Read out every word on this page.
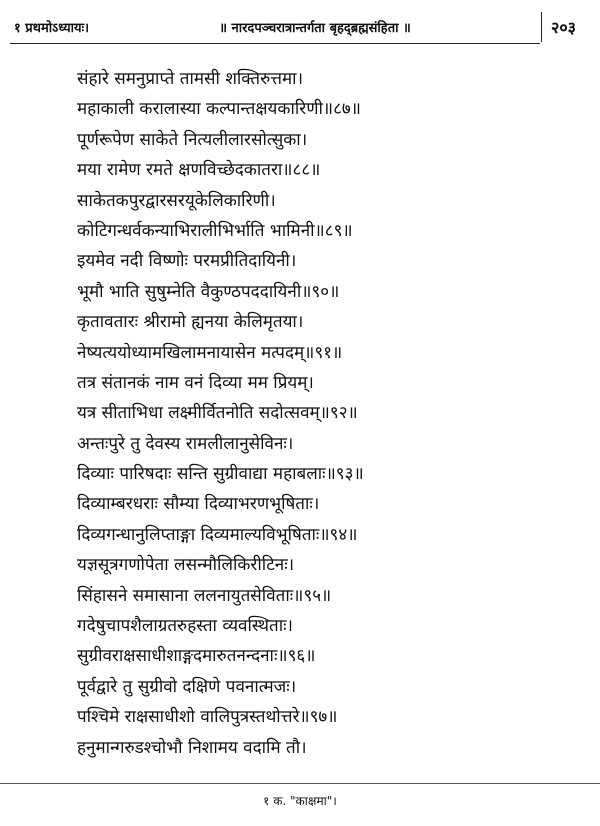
१ प्रथमोऽध्यायः।	॥ नारदपञ्चरात्रान्तर्गता बृहद्ब्रह्मसंहिता ॥	२०३
संहारे समनुप्राप्ते तामसी शक्तिरुत्तमा।
महाकाली करालास्या कल्पान्तक्षयकारिणी॥८७॥
पूर्णरूपेण साकेते नित्यलीलारसोत्सुका।
मया रामेण रमते क्षणविच्छेदकातरा॥८८॥
साकेतकपुरद्वारसरयूकेलिकारिणी।
कोटिगन्धर्वकन्याभिरालीभिर्भाति भामिनी॥८९॥
इयमेव नदी विष्णोः परमप्रीतिदायिनी।
भूमौ भाति सुषुम्नेति वैकुण्ठपददायिनी॥९०॥
कृतावतारः श्रीरामो ह्यनया केलिमृतया।
नेष्यत्ययोध्यामखिलामनायासेन मत्पदम्॥९१॥
तत्र संतानकं नाम वनं दिव्या मम प्रियम्।
यत्र सीताभिधा लक्ष्मीर्वितनोति सदोत्सवम्॥९२॥
अन्तःपुरे तु देवस्य रामलीलानुसेविनः।
दिव्याः पारिषदाः सन्ति सुग्रीवाद्या महाबलाः॥९३॥
दिव्याम्बरधराः सौम्या दिव्याभरणभूषिताः।
दिव्यगन्धानुलिप्ताङ्गा दिव्यमाल्यविभूषिताः॥९४॥
यज्ञसूत्रगणोपेता लसन्मौलिकिरीटिनः।
सिंहासने समासाना ललनायुतसेविताः॥९५॥
गदेषुचापशैलाग्रतरुहस्ता व्यवस्थिताः।
सुग्रीवराक्षसाधीशाङ्गदमारुतनन्दनाः॥९६॥
पूर्वद्वारे तु सुग्रीवो दक्षिणे पवनात्मजः।
पश्चिमे राक्षसाधीशो वालिपुत्रस्तथोत्तरे॥९७॥
हनुमान्गरुडश्चोभौ निशामय वदामि तौ।
१ क. "काक्षमा"।
